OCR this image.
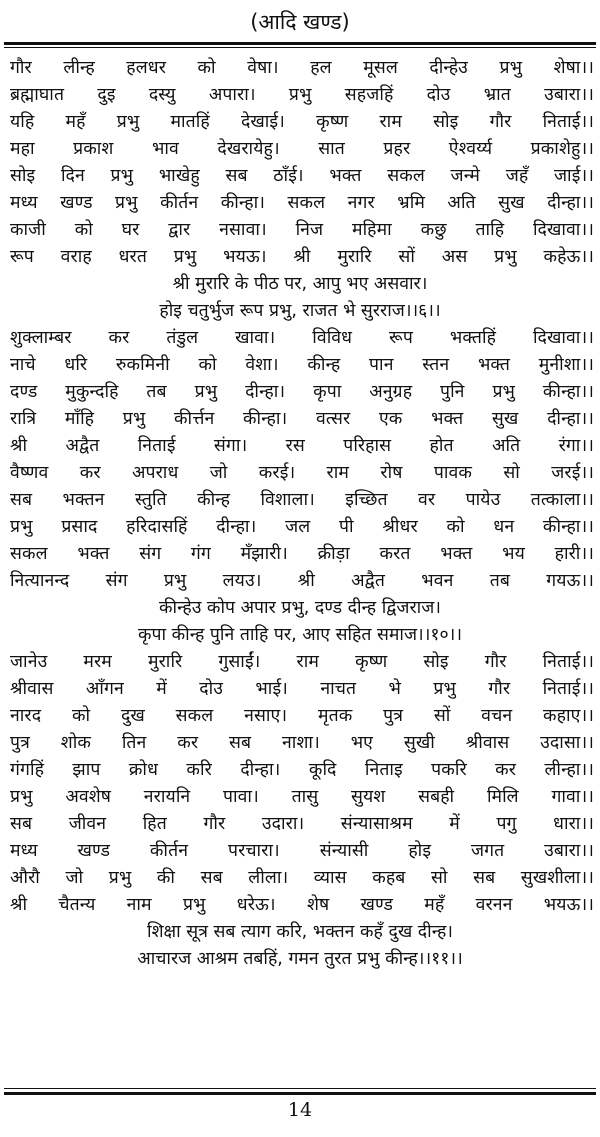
(आदि खण्ड)
गौर लीन्ह हलधर को वेषा। हल मूसल दीन्हेउ प्रभु शेषा।।
ब्रह्माघात दुइ दस्यु अपारा। प्रभु सहजहिं दोउ भ्रात उबारा।।
यहि महँ प्रभु मातहिं देखाई। कृष्ण राम सोइ गौर निताई।।
महा प्रकाश भाव देखरायेहु। सात प्रहर ऐश्वर्य्य प्रकाशेहु।।
सोइ दिन प्रभु भाखेहु सब ठाँई। भक्त सकल जन्मे जहँ जाई।।
मध्य खण्ड प्रभु कीर्तन कीन्हा। सकल नगर भ्रमि अति सुख दीन्हा।।
काजी को घर द्वार नसावा। निज महिमा कछु ताहि दिखावा।।
रूप वराह धरत प्रभु भयऊ। श्री मुरारि सों अस प्रभु कहेऊ।।
श्री मुरारि के पीठ पर, आपु भए असवार।
होइ चतुर्भुज रूप प्रभु, राजत भे सुरराज।।६।।
शुक्लाम्बर कर तंडुल खावा। विविध रूप भक्तहिं दिखावा।।
नाचे धरि रुकमिनी को वेशा। कीन्ह पान स्तन भक्त मुनीशा।।
दण्ड मुकुन्दहि तब प्रभु दीन्हा। कृपा अनुग्रह पुनि प्रभु कीन्हा।।
रात्रि माँहि प्रभु कीर्त्तन कीन्हा। वत्सर एक भक्त सुख दीन्हा।।
श्री अद्वैत निताई संगा। रस परिहास होत अति रंगा।।
वैष्णव कर अपराध जो करई। राम रोष पावक सो जरई।।
सब भक्तन स्तुति कीन्ह विशाला। इच्छित वर पायेउ तत्काला।।
प्रभु प्रसाद हरिदासहिं दीन्हा। जल पी श्रीधर को धन कीन्हा।।
सकल भक्त संग गंग मँझारी। क्रीड़ा करत भक्त भय हारी।।
नित्यानन्द संग प्रभु लयउ। श्री अद्वैत भवन तब गयऊ।।
कीन्हेउ कोप अपार प्रभु, दण्ड दीन्ह द्विजराज।
कृपा कीन्ह पुनि ताहि पर, आए सहित समाज।।१०।।
जानेउ मरम मुरारि गुसाईं। राम कृष्ण सोइ गौर निताई।।
श्रीवास आँगन में दोउ भाई। नाचत भे प्रभु गौर निताई।।
नारद को दुख सकल नसाए। मृतक पुत्र सों वचन कहाए।।
पुत्र शोक तिन कर सब नाशा। भए सुखी श्रीवास उदासा।।
गंगहिं झाप क्रोध करि दीन्हा। कूदि निताइ पकरि कर लीन्हा।।
प्रभु अवशेष नरायनि पावा। तासु सुयश सबही मिलि गावा।।
सब जीवन हित गौर उदारा। संन्यासाश्रम में पगु धारा।।
मध्य खण्ड कीर्तन परचारा। संन्यासी होइ जगत उबारा।।
औरौ जो प्रभु की सब लीला। व्यास कहब सो सब सुखशीला।।
श्री चैतन्य नाम प्रभु धरेऊ। शेष खण्ड महँ वरनन भयऊ।।
शिक्षा सूत्र सब त्याग करि, भक्तन कहँ दुख दीन्ह।
आचारज आश्रम तबहिं, गमन तुरत प्रभु कीन्ह।।११।।
14
